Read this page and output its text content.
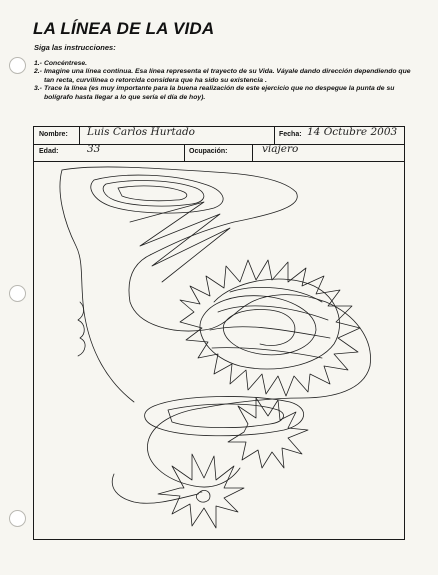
LA LÍNEA DE LA VIDA
Siga las instrucciones:
1.- Concéntrese.
2.- Imagine una línea continua. Esa línea representa el trayecto de su Vida. Váyale dando dirección dependiendo que tan recta, curvilínea o retorcida considera que ha sido su existencia .
3.- Trace la línea (es muy importante para la buena realización de este ejercicio que no despegue la punta de su bolígrafo hasta llegar a lo que sería el día de hoy).
Nombre: Luis Carlos Hurtado	Fecha: 14 Octubre 2003
Edad:	33	Ocupación:	viajero
